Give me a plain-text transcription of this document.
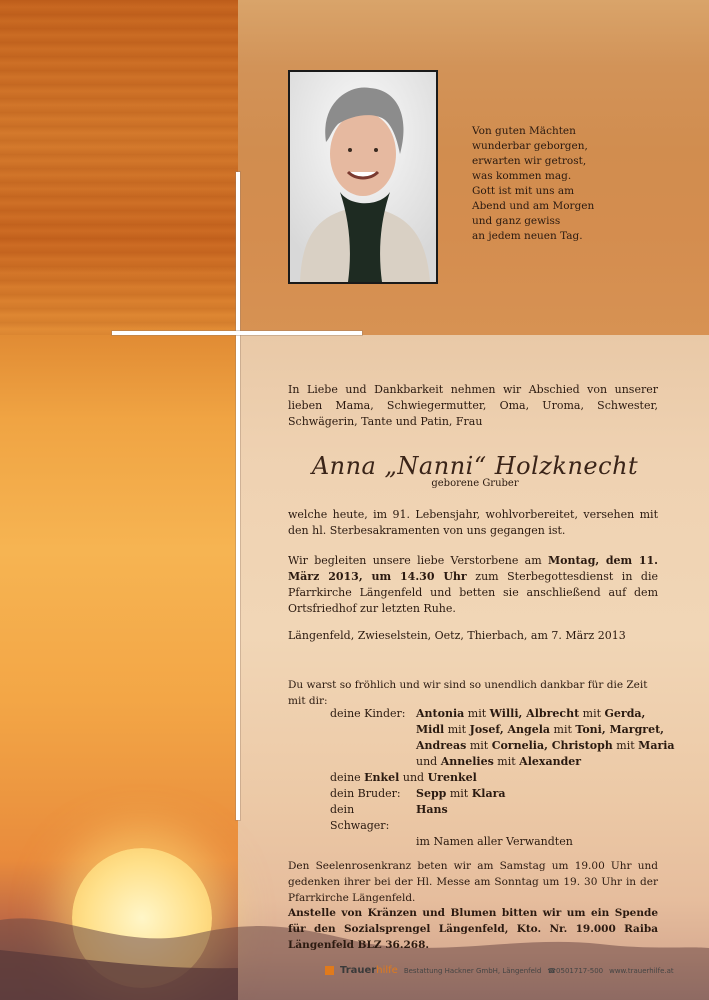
Von guten Mächten
wunderbar geborgen,
erwarten wir getrost,
was kommen mag.
Gott ist mit uns am
Abend und am Morgen
und ganz gewiss
an jedem neuen Tag.
In Liebe und Dankbarkeit nehmen wir Abschied von unserer lieben Mama, Schwiegermutter, Oma, Uroma, Schwester, Schwägerin, Tante und Patin, Frau
Anna „Nanni“ Holzknecht
geborene Gruber
welche heute, im 91. Lebensjahr, wohlvorbereitet, versehen mit den hl. Sterbesakramenten von uns gegangen ist.
Wir begleiten unsere liebe Verstorbene am Montag, dem 11. März 2013, um 14.30 Uhr zum Sterbegottesdienst in die Pfarrkirche Längenfeld und betten sie anschließend auf dem Ortsfriedhof zur letzten Ruhe.
Längenfeld, Zwieselstein, Oetz, Thierbach, am 7. März 2013
Du warst so fröhlich und wir sind so unendlich dankbar für die Zeit mit dir:
deine Kinder: Antonia mit Willi, Albrecht mit Gerda,
Midl mit Josef, Angela mit Toni, Margret,
Andreas mit Cornelia, Christoph mit Maria
und Annelies mit Alexander
deine Enkel und Urenkel
dein Bruder:	Sepp mit Klara
dein Schwager:
Hans
im Namen aller Verwandten
Den Seelenrosenkranz beten wir am Samstag um 19.00 Uhr und gedenken ihrer bei der Hl. Messe am Sonntag um 19. 30 Uhr in der Pfarrkirche Längenfeld.
Anstelle von Kränzen und Blumen bitten wir um ein Spende für den Sozialsprengel Längenfeld, Kto. Nr. 19.000 Raiba Längenfeld BLZ 36.268.
Trauerhilfe Bestattung Hackner GmbH, Längenfeld ☎0501717-500 www.trauerhilfe.at
